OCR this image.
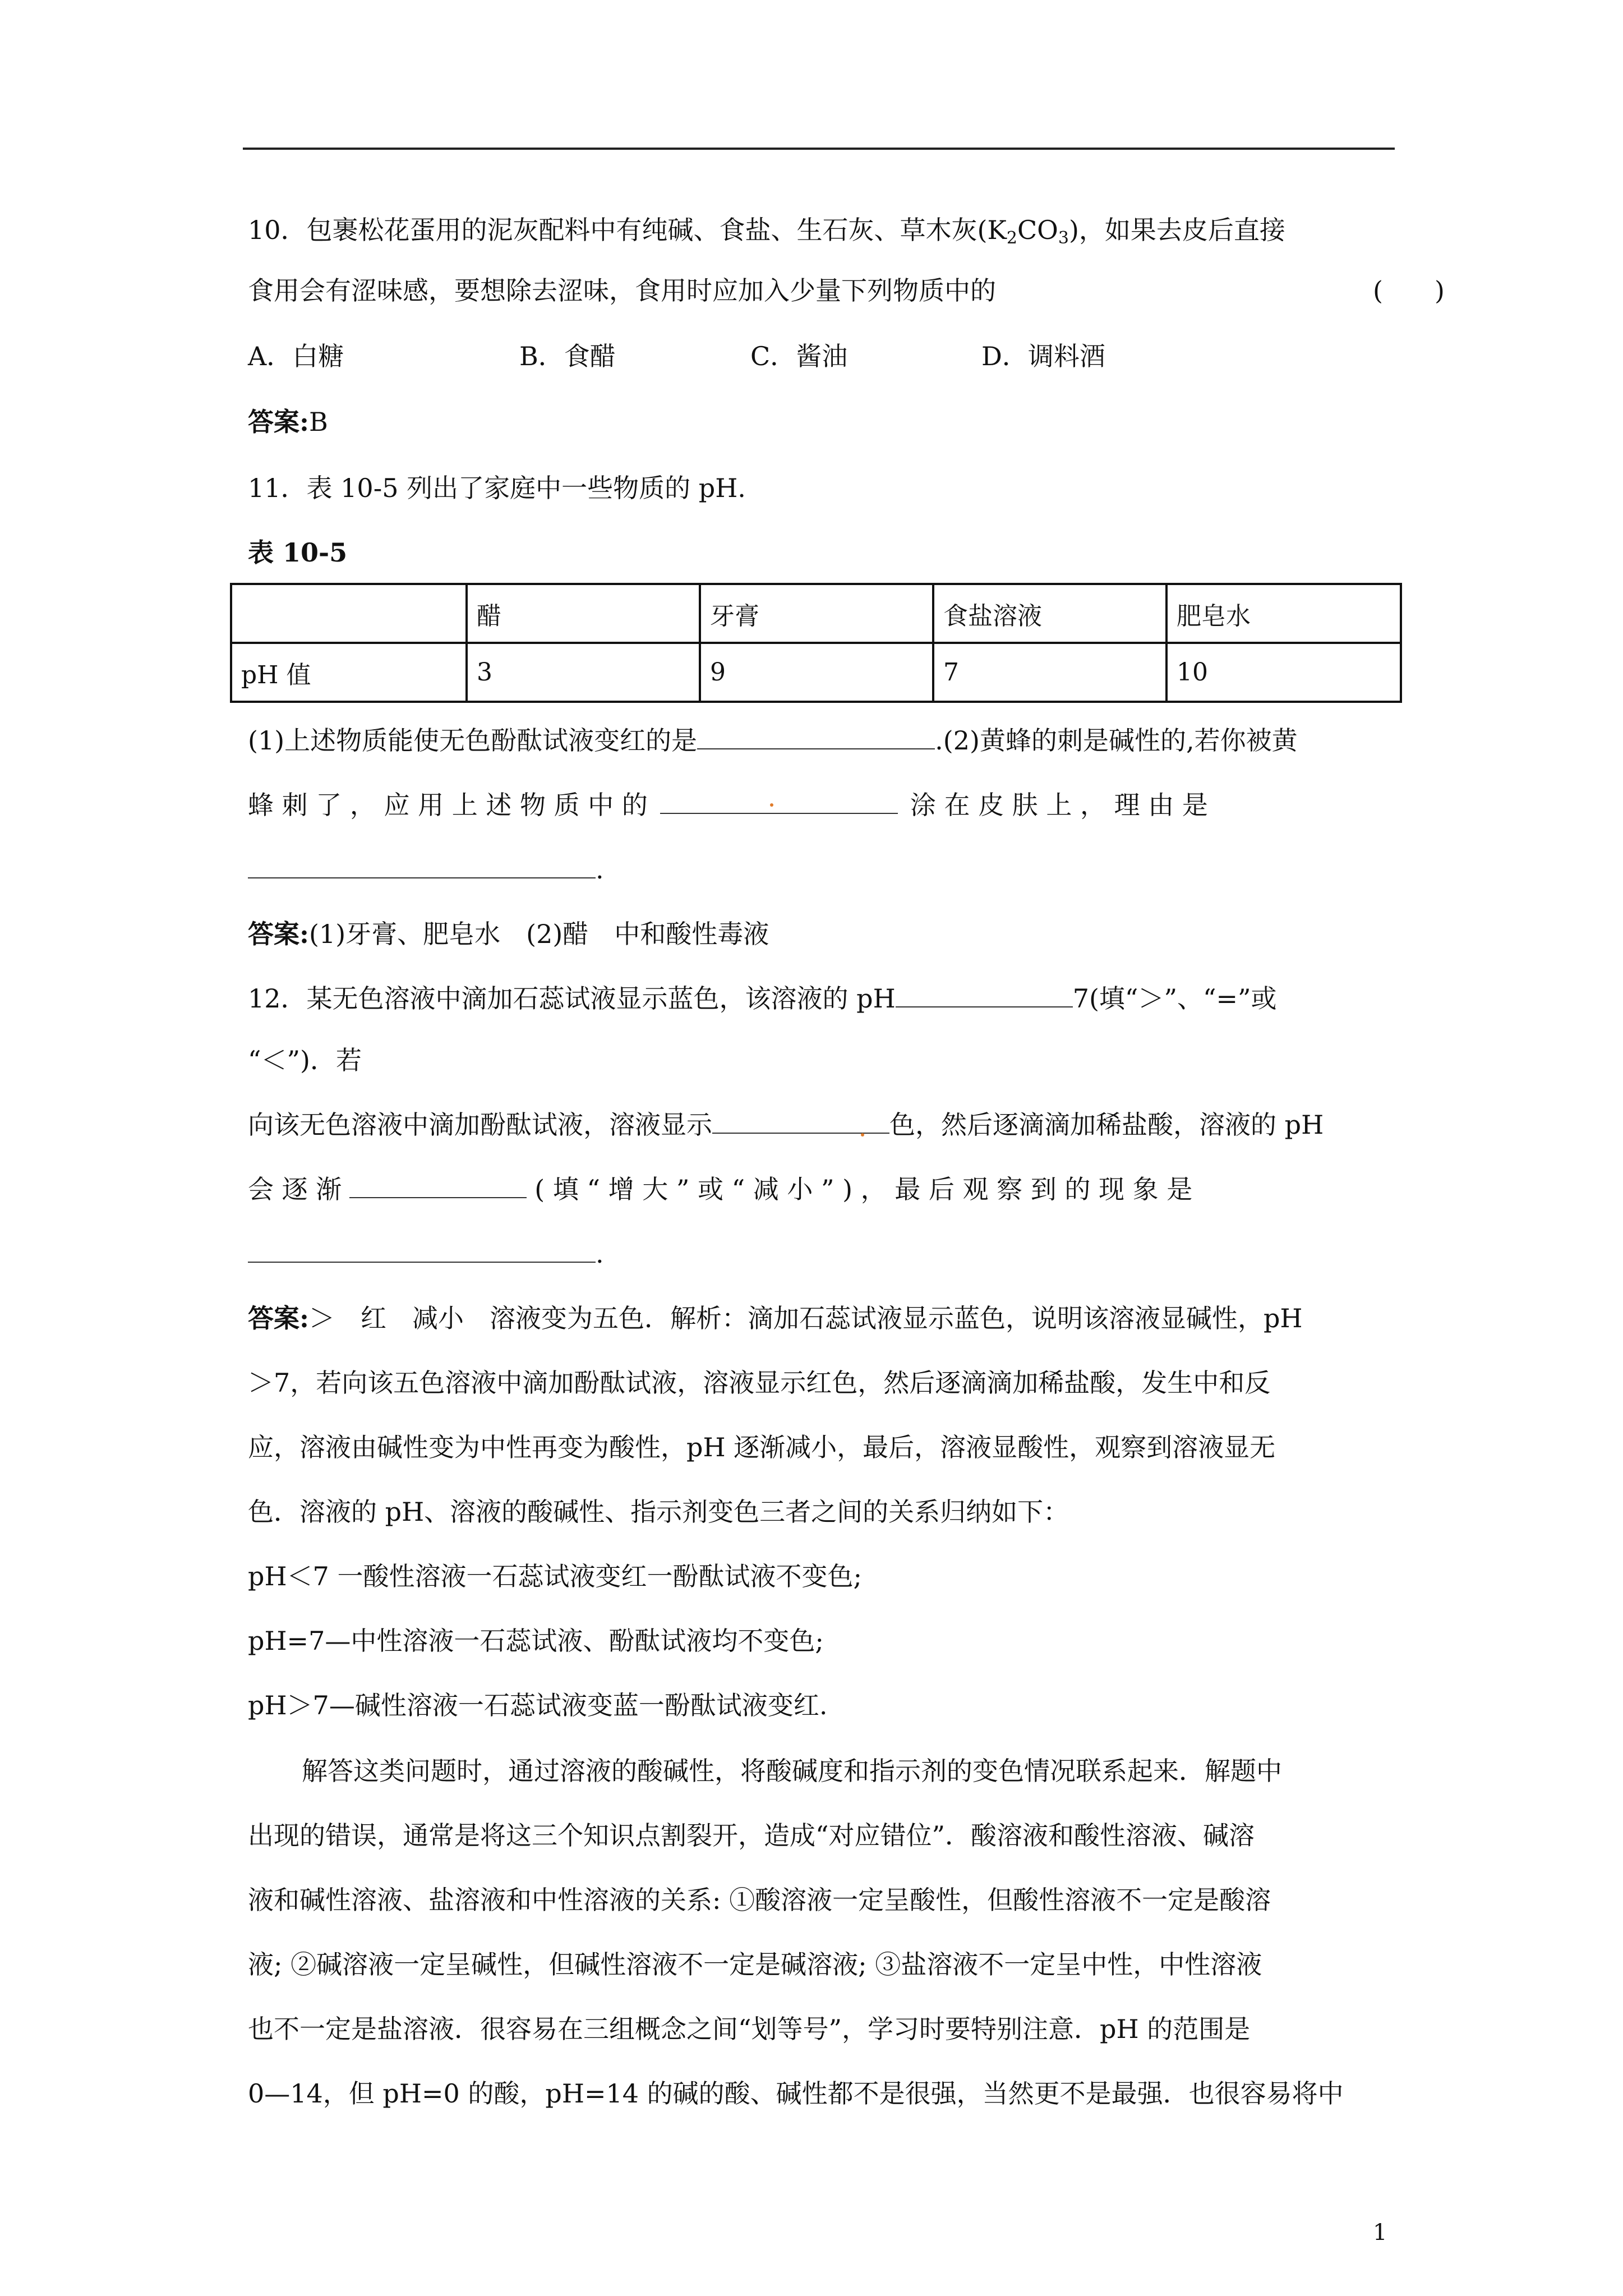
10．包裹松花蛋用的泥灰配料中有纯碱、食盐、生石灰、草木灰$(K_2CO_3)$，如果去皮后直接
食用会有涩味感，要想除去涩味，食用时应加入少量下列物质中的	(　　)
A．白糖	B．食醋	C．酱油	D．调料酒
答案:B
11．表 10-5 列出了家庭中一些物质的 pH.
表 10-5
	醋	牙膏	食盐溶液	肥皂水
pH 值	3	9	7	10
(1)上述物质能使无色酚酞试液变红的是	.(2)黄蜂的刺是碱性的,若你被黄
蜂 刺 了 ， 应 用 上 述 物 质 中 的	涂 在 皮 肤 上 ， 理 由 是
.
答案:(1)牙膏、肥皂水　(2)醋　中和酸性毒液
12．某无色溶液中滴加石蕊试液显示蓝色，该溶液的 pH	7(填“＞”、“=”或
“＜”)．若
向该无色溶液中滴加酚酞试液，溶液显示	色，然后逐滴滴加稀盐酸，溶液的 pH
会 逐 渐	( 填 “ 增 大 ” 或 “ 减 小 ” ) ， 最 后 观 察 到 的 现 象 是
.
答案:＞　红　减小　溶液变为五色．解析：滴加石蕊试液显示蓝色，说明该溶液显碱性，pH
＞7，若向该五色溶液中滴加酚酞试液，溶液显示红色，然后逐滴滴加稀盐酸，发生中和反
应，溶液由碱性变为中性再变为酸性，pH 逐渐减小，最后，溶液显酸性，观察到溶液显无
色．溶液的 pH、溶液的酸碱性、指示剂变色三者之间的关系归纳如下：
pH＜7 一酸性溶液一石蕊试液变红一酚酞试液不变色;
pH=7—中性溶液一石蕊试液、酚酞试液均不变色;
pH＞7—碱性溶液一石蕊试液变蓝一酚酞试液变红.
解答这类问题时，通过溶液的酸碱性，将酸碱度和指示剂的变色情况联系起来．解题中
出现的错误，通常是将这三个知识点割裂开，造成“对应错位”．酸溶液和酸性溶液、碱溶
液和碱性溶液、盐溶液和中性溶液的关系: ①酸溶液一定呈酸性，但酸性溶液不一定是酸溶
液; ②碱溶液一定呈碱性，但碱性溶液不一定是碱溶液; ③盐溶液不一定呈中性，中性溶液
也不一定是盐溶液．很容易在三组概念之间“划等号”，学习时要特别注意．pH 的范围是
0—14，但 pH=0 的酸，pH=14 的碱的酸、碱性都不是很强，当然更不是最强．也很容易将中
1
